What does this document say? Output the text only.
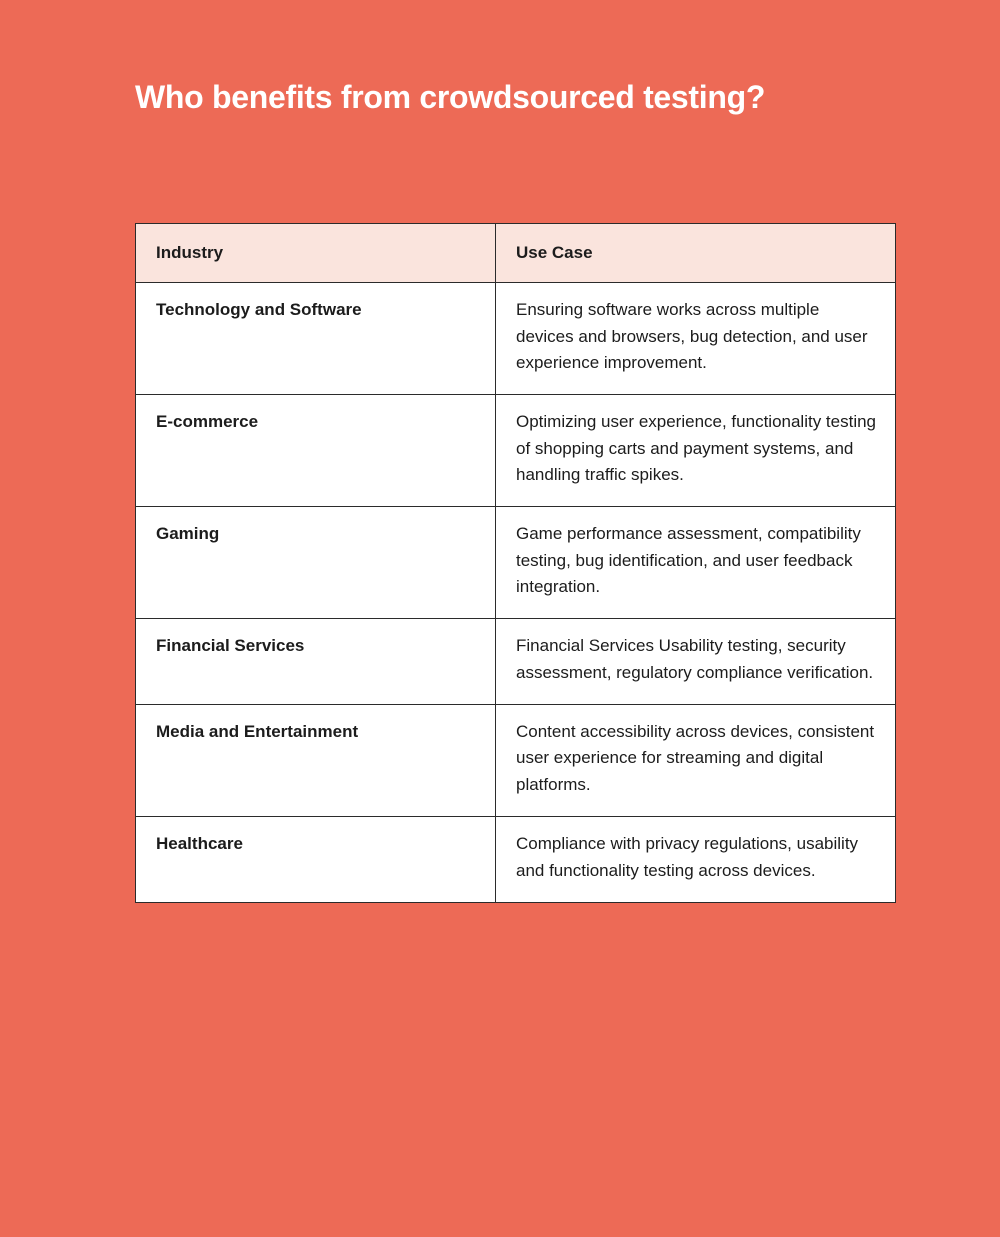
Who benefits from crowdsourced testing?
Industry	Use Case
Technology and Software	Ensuring software works across multiple devices and browsers, bug detection, and user experience improvement.
E-commerce	Optimizing user experience, functionality testing of shopping carts and payment systems, and handling traffic spikes.
Gaming	Game performance assessment, compatibility testing, bug identification, and user feedback integration.
Financial Services	Financial Services Usability testing, security assessment, regulatory compliance verification.
Media and Entertainment	Content accessibility across devices, consistent user experience for streaming and digital platforms.
Healthcare	Compliance with privacy regulations, usability and functionality testing across devices.
